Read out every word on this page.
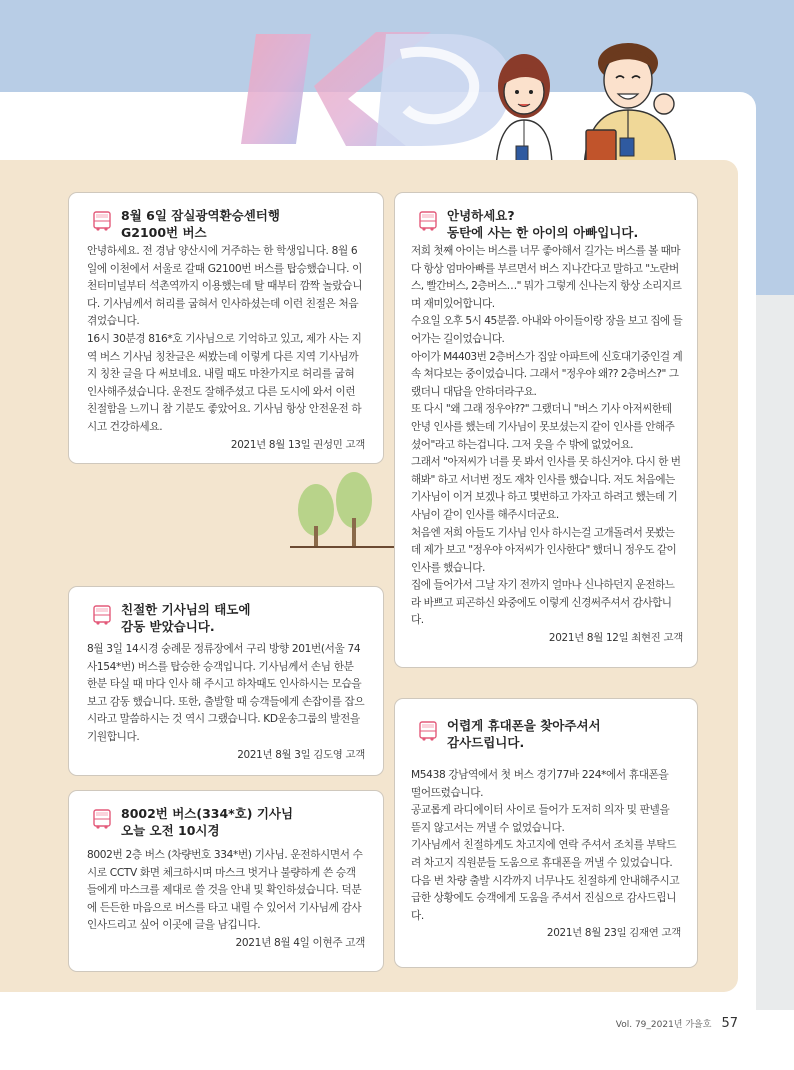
8월 6일 잠실광역환승센터행
G2100번 버스

안녕하세요. 전 경남 양산시에 거주하는 한 학생입니다. 8월 6일에 이천에서 서울로 갈때 G2100번 버스를 탑승했습니다. 이천터미널부터 석촌역까지 이용했는데 탈 때부터 깜짝 놀랐습니다. 기사님께서 허리를 굽혀서 인사하셨는데 이런 친절은 처음 겪었습니다.

16시 30분경 816*호 기사님으로 기억하고 있고, 제가 사는 지역 버스 기사님 칭찬글은 써봤는데 이렇게 다른 지역 기사님까지 칭찬 글을 다 써보네요. 내릴 때도 마찬가지로 허리를 굽혀 인사해주셨습니다. 운전도 잘해주셨고 다른 도시에 와서 이런 친절함을 느끼니 참 기분도 좋았어요. 기사님 항상 안전운전 하시고 건강하세요.

2021년 8월 13일 권성민 고객

안녕하세요?
동탄에 사는 한 아이의 아빠입니다.

저희 첫째 아이는 버스를 너무 좋아해서 길가는 버스를 볼 때마다 항상 엄마아빠를 부르면서 버스 지나간다고 말하고 "노란버스, 빨간버스, 2층버스…" 뭐가 그렇게 신나는지 항상 소리지르며 재미있어합니다.

수요일 오후 5시 45분쯤. 아내와 아이들이랑 장을 보고 집에 들어가는 길이었습니다.

아이가 M4403번 2층버스가 집앞 아파트에 신호대기중인걸 계속 쳐다보는 중이었습니다. 그래서 "정우야 왜?? 2층버스?" 그랬더니 대답을 안하더라구요.

또 다시 "왜 그래 정우야??" 그랬더니 "버스 기사 아저씨한테 안녕 인사를 했는데 기사님이 못보셨는지 같이 인사를 안해주셨어"라고 하는겁니다. 그저 웃을 수 밖에 없었어요.

그래서 "아저씨가 너를 못 봐서 인사를 못 하신거야. 다시 한 번 해봐" 하고 서너번 정도 재차 인사를 했습니다. 저도 처음에는 기사님이 이거 보겠나 하고 몇번하고 가자고 하려고 했는데 기사님이 같이 인사를 해주시더군요.

처음엔 저희 아들도 기사님 인사 하시는걸 고개돌려서 못봤는데 제가 보고 "정우야 아저씨가 인사한다" 했더니 정우도 같이 인사를 했습니다.

집에 들어가서 그날 자기 전까지 얼마나 신나하던지 운전하느라 바쁘고 피곤하신 와중에도 이렇게 신경써주셔서 감사합니다.

2021년 8월 12일 최현진 고객

친절한 기사님의 태도에
감동 받았습니다.

8월 3일 14시경 숭례문 정류장에서 구리 방향 201번(서울 74사154*번) 버스를 탑승한 승객입니다. 기사님께서 손님 한분 한분 타실 때 마다 인사 해 주시고 하차때도 인사하시는 모습을 보고 감동 했습니다. 또한, 출발할 때 승객들에게 손잡이를 잡으시라고 말씀하시는 것 역시 그랬습니다. KD운송그룹의 발전을 기원합니다.

2021년 8월 3일 김도영 고객

8002번 버스(334*호) 기사님
오늘 오전 10시경

8002번 2층 버스 (차량번호 334*번) 기사님. 운전하시면서 수시로 CCTV 화면 체크하시며 마스크 벗거나 불량하게 쓴 승객들에게 마스크를 제대로 쓸 것을 안내 및 확인하셨습니다. 덕분에 든든한 마음으로 버스를 타고 내릴 수 있어서 기사님께 감사 인사드리고 싶어 이곳에 글을 남깁니다.
2021년 8월 4일 이현주 고객

어렵게 휴대폰을 찾아주셔서
감사드립니다.

M5438 강남역에서 첫 버스 경기77바 224*에서 휴대폰을 떨어뜨렸습니다.

공교롭게 라디에이터 사이로 들어가 도저히 의자 및 판넬을 뜯지 않고서는 꺼낼 수 없었습니다.

기사님께서 친절하게도 차고지에 연락 주셔서 조치를 부탁드려 차고지 직원분들 도움으로 휴대폰을 꺼낼 수 있었습니다.

다음 번 차량 출발 시각까지 너무나도 친절하게 안내해주시고 급한 상황에도 승객에게 도움을 주셔서 진심으로 감사드립니다.

2021년 8월 23일 김재연 고객

Vol. 79_2021년 가을호 57
